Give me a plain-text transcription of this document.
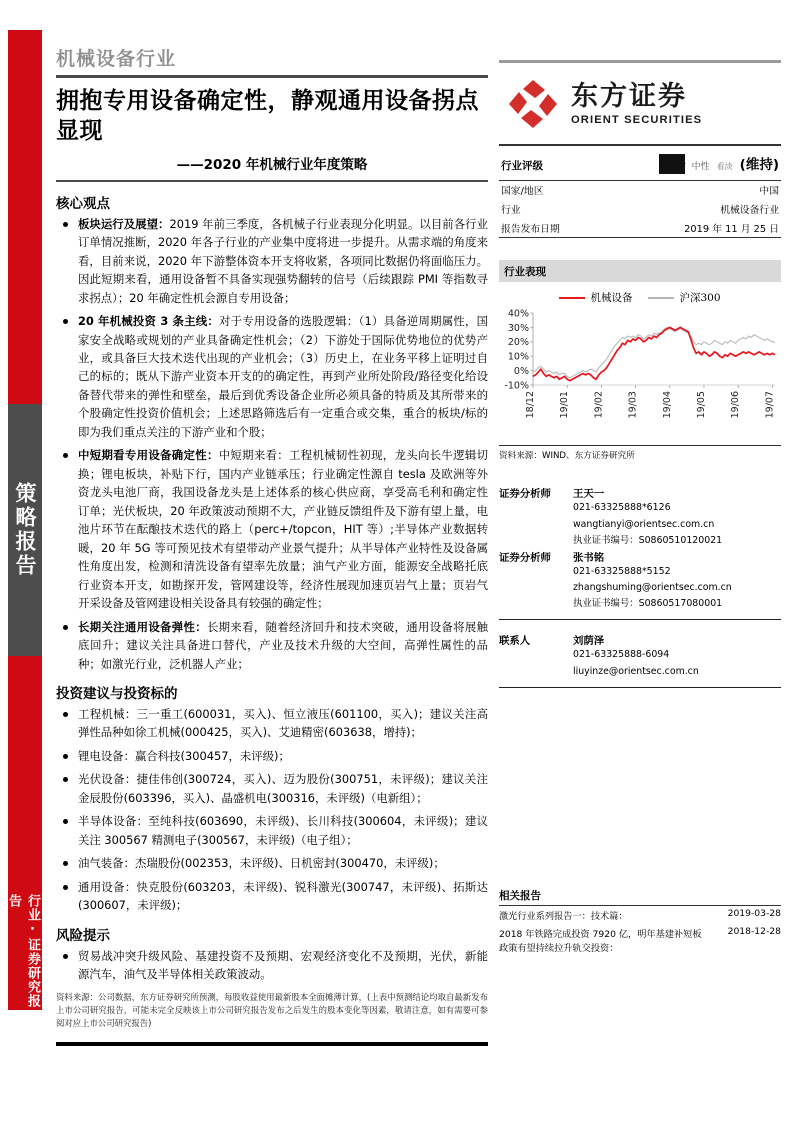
策略报告
行业·证券研究报告
机械设备行业
拥抱专用设备确定性，静观通用设备拐点显现
——2020 年机械行业年度策略
核心观点
板块运行及展望：2019 年前三季度，各机械子行业表现分化明显。以目前各行业订单情况推断，2020 年各子行业的产业集中度将进一步提升。从需求端的角度来看，目前来说，2020 年下游整体资本开支将收紧，各项同比数据仍将面临压力。因此短期来看，通用设备暂不具备实现强势翻转的信号（后续跟踪 PMI 等指数寻求拐点）；20 年确定性机会源自专用设备；
20 年机械投资 3 条主线：对于专用设备的选股逻辑：（1）具备逆周期属性，国家安全战略或规划的产业具备确定性机会；（2）下游处于国际优势地位的优势产业，或具备巨大技术迭代出现的产业机会；（3）历史上，在业务平移上证明过自己的标的；既从下游产业资本开支的的确定性，再到产业所处阶段/路径变化给设备替代带来的弹性和壁垒，最后到优秀设备企业所必须具备的特质及其所带来的个股确定性投资价值机会；上述思路筛选后有一定重合或交集，重合的板块/标的即为我们重点关注的下游产业和个股；
中短期看专用设备确定性：中短期来看：工程机械韧性初现，龙头向长牛逻辑切换；锂电板块，补贴下行，国内产业链承压；行业确定性源自 tesla 及欧洲等外资龙头电池厂商，我国设备龙头是上述体系的核心供应商，享受高毛利和确定性订单；光伏板块，20 年政策波动预期不大，产业链反馈组件及下游有望上量，电池片环节在酝酿技术迭代的路上（perc+/topcon，HIT 等）;半导体产业数据转暖，20 年 5G 等可预见技术有望带动产业景气提升；从半导体产业特性及设备属性角度出发，检测和清洗设备有望率先放量；油气产业方面，能源安全战略托底行业资本开支，如勘探开发，管网建设等，经济性展现加速页岩气上量；页岩气开采设备及管网建设相关设备具有较强的确定性；
长期关注通用设备弹性：长期来看，随着经济回升和技术突破，通用设备将展触底回升；建议关注具备进口替代，产业及技术升级的大空间，高弹性属性的品种；如激光行业，泛机器人产业；
投资建议与投资标的
工程机械：三一重工(600031，买入)、恒立液压(601100，买入)；建议关注高弹性品种如徐工机械(000425，买入)、艾迪精密(603638，增持)；
锂电设备：赢合科技(300457，未评级)；
光伏设备：捷佳伟创(300724，买入)、迈为股份(300751，未评级)；建议关注金辰股份(603396，买入)、晶盛机电(300316，未评级)（电新组）；
半导体设备：至纯科技(603690，未评级)、长川科技(300604，未评级)；建议关注 300567 精测电子(300567，未评级)（电子组）；
油气装备：杰瑞股份(002353，未评级)、日机密封(300470，未评级)；
通用设备：快克股份(603203，未评级)、锐科激光(300747，未评级)、拓斯达(300607，未评级)；
风险提示
贸易战冲突升级风险、基建投资不及预期、宏观经济变化不及预期，光伏，新能源汽车，油气及半导体相关政策波动。
资料来源：公司数据，东方证券研究所预测，每股收益使用最新股本全面摊薄计算，(上表中预测结论均取自最新发布上市公司研究报告，可能未完全反映该上市公司研究报告发布之后发生的股本变化等因素，敬请注意，如有需要可参阅对应上市公司研究报告)
东方证券
ORIENT SECURITIES
行业评级	看好 中性 看淡 (维持)
国家/地区	中国
行业	机械设备行业
报告发布日期	2019 年 11 月 25 日
行业表现
机械设备	沪深300
-10%
0%
10%
20%
30%
40%
18/12 19/01 19/02 19/03 19/04 19/05 19/06 19/07
资料来源：WIND、东方证券研究所
证券分析师	王天一
021-63325888*6126
wangtianyi@orientsec.com.cn
执业证书编号：S0860510120021
证券分析师	张书铭
021-63325888*5152
zhangshuming@orientsec.com.cn
执业证书编号：S0860517080001
联系人	刘荫泽
021-63325888-6094
liuyinze@orientsec.com.cn
相关报告
激光行业系列报告一：技术篇：	2019-03-28
2018 年铁路完成投资 7920 亿，明年基建补短板政策有望持续拉升轨交投资：	2018-12-28
